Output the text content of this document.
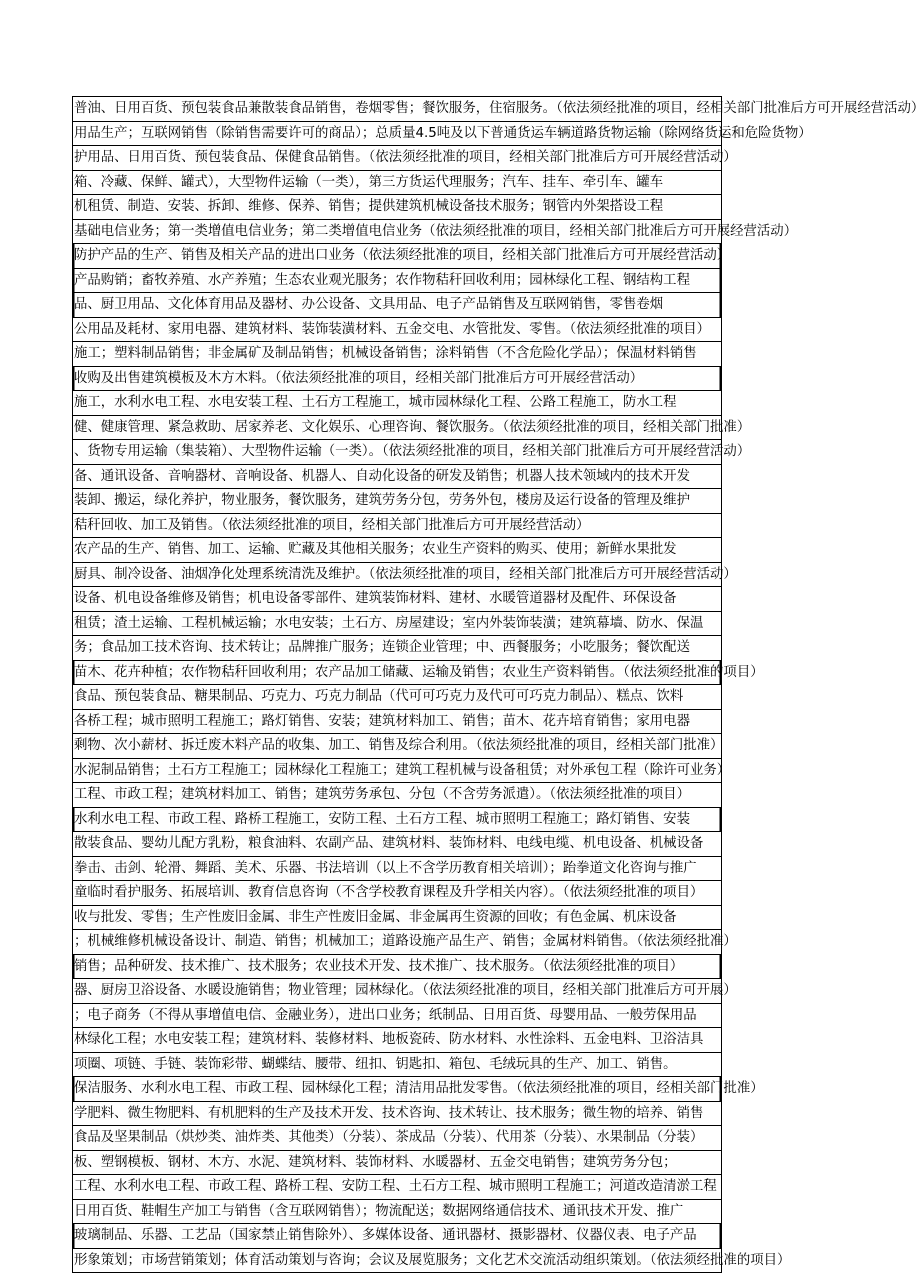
普油、日用百货、预包装食品兼散装食品销售，卷烟零售；餐饮服务，住宿服务。（依法须经批准的项目，经相关部门批准后方可开展经营活动）
用品生产；互联网销售（除销售需要许可的商品）；总质量4.5吨及以下普通货运车辆道路货物运输（除网络货运和危险货物）
护用品、日用百货、预包装食品、保健食品销售。（依法须经批准的项目，经相关部门批准后方可开展经营活动）
箱、冷藏、保鲜、罐式），大型物件运输（一类），第三方货运代理服务；汽车、挂车、牵引车、罐车
机租赁、制造、安装、拆卸、维修、保养、销售；提供建筑机械设备技术服务；钢管内外架搭设工程
基础电信业务；第一类增值电信业务；第二类增值电信业务（依法须经批准的项目，经相关部门批准后方可开展经营活动）
防护产品的生产、销售及相关产品的进出口业务（依法须经批准的项目，经相关部门批准后方可开展经营活动）
产品购销；畜牧养殖、水产养殖；生态农业观光服务；农作物秸秆回收利用；园林绿化工程、钢结构工程
品、厨卫用品、文化体育用品及器材、办公设备、文具用品、电子产品销售及互联网销售，零售卷烟
公用品及耗材、家用电器、建筑材料、装饰装潢材料、五金交电、水管批发、零售。（依法须经批准的项目）
施工；塑料制品销售；非金属矿及制品销售；机械设备销售；涂料销售（不含危险化学品）；保温材料销售
收购及出售建筑模板及木方木料。（依法须经批准的项目，经相关部门批准后方可开展经营活动）
施工，水利水电工程、水电安装工程、土石方工程施工，城市园林绿化工程、公路工程施工，防水工程
健、健康管理、紧急救助、居家养老、文化娱乐、心理咨询、餐饮服务。（依法须经批准的项目，经相关部门批准）
、货物专用运输（集装箱）、大型物件运输（一类）。（依法须经批准的项目，经相关部门批准后方可开展经营活动）
备、通讯设备、音响器材、音响设备、机器人、自动化设备的研发及销售；机器人技术领域内的技术开发
装卸、搬运，绿化养护，物业服务，餐饮服务，建筑劳务分包，劳务外包，楼房及运行设备的管理及维护
秸秆回收、加工及销售。（依法须经批准的项目，经相关部门批准后方可开展经营活动）
农产品的生产、销售、加工、运输、贮藏及其他相关服务；农业生产资料的购买、使用；新鲜水果批发
厨具、制冷设备、油烟净化处理系统清洗及维护。（依法须经批准的项目，经相关部门批准后方可开展经营活动）
设备、机电设备维修及销售；机电设备零部件、建筑装饰材料、建材、水暖管道器材及配件、环保设备
租赁；渣土运输、工程机械运输；水电安装；土石方、房屋建设；室内外装饰装潢；建筑幕墙、防水、保温
务；食品加工技术咨询、技术转让；品牌推广服务；连锁企业管理；中、西餐服务；小吃服务；餐饮配送
苗木、花卉种植；农作物秸秆回收利用；农产品加工储藏、运输及销售；农业生产资料销售。（依法须经批准的项目）
食品、预包装食品、糖果制品、巧克力、巧克力制品（代可可巧克力及代可可巧克力制品）、糕点、饮料
各桥工程；城市照明工程施工；路灯销售、安装；建筑材料加工、销售；苗木、花卉培育销售；家用电器
剩物、次小薪材、拆迁废木料产品的收集、加工、销售及综合利用。（依法须经批准的项目，经相关部门批准）
水泥制品销售；土石方工程施工；园林绿化工程施工；建筑工程机械与设备租赁；对外承包工程（除许可业务）
工程、市政工程；建筑材料加工、销售；建筑劳务承包、分包（不含劳务派遣）。（依法须经批准的项目）
水利水电工程、市政工程、路桥工程施工，安防工程、土石方工程、城市照明工程施工；路灯销售、安装
散装食品、婴幼儿配方乳粉，粮食油料、农副产品、建筑材料、装饰材料、电线电缆、机电设备、机械设备
拳击、击剑、轮滑、舞蹈、美术、乐器、书法培训（以上不含学历教育相关培训）；跆拳道文化咨询与推广
童临时看护服务、拓展培训、教育信息咨询（不含学校教育课程及升学相关内容）。（依法须经批准的项目）
收与批发、零售；生产性废旧金属、非生产性废旧金属、非金属再生资源的回收；有色金属、机床设备
；机械维修机械设备设计、制造、销售；机械加工；道路设施产品生产、销售；金属材料销售。（依法须经批准）
销售；品种研发、技术推广、技术服务；农业技术开发、技术推广、技术服务。（依法须经批准的项目）
器、厨房卫浴设备、水暖设施销售；物业管理；园林绿化。（依法须经批准的项目，经相关部门批准后方可开展）
；电子商务（不得从事增值电信、金融业务），进出口业务；纸制品、日用百货、母婴用品、一般劳保用品
林绿化工程；水电安装工程；建筑材料、装修材料、地板瓷砖、防水材料、水性涂料、五金电料、卫浴洁具
项圈、项链、手链、装饰彩带、蝴蝶结、腰带、纽扣、钥匙扣、箱包、毛绒玩具的生产、加工、销售。
保洁服务、水利水电工程、市政工程、园林绿化工程；清洁用品批发零售。（依法须经批准的项目，经相关部门批准）
学肥料、微生物肥料、有机肥料的生产及技术开发、技术咨询、技术转让、技术服务；微生物的培养、销售
食品及坚果制品（烘炒类、油炸类、其他类）（分装）、茶成品（分装）、代用茶（分装）、水果制品（分装）
板、塑钢模板、钢材、木方、水泥、建筑材料、装饰材料、水暖器材、五金交电销售；建筑劳务分包；
工程、水利水电工程、市政工程、路桥工程、安防工程、土石方工程、城市照明工程施工；河道改造清淤工程
日用百货、鞋帽生产加工与销售（含互联网销售）；物流配送；数据网络通信技术、通讯技术开发、推广
玻璃制品、乐器、工艺品（国家禁止销售除外）、多媒体设备、通讯器材、摄影器材、仪器仪表、电子产品
形象策划；市场营销策划；体育活动策划与咨询；会议及展览服务；文化艺术交流活动组织策划。（依法须经批准的项目）
